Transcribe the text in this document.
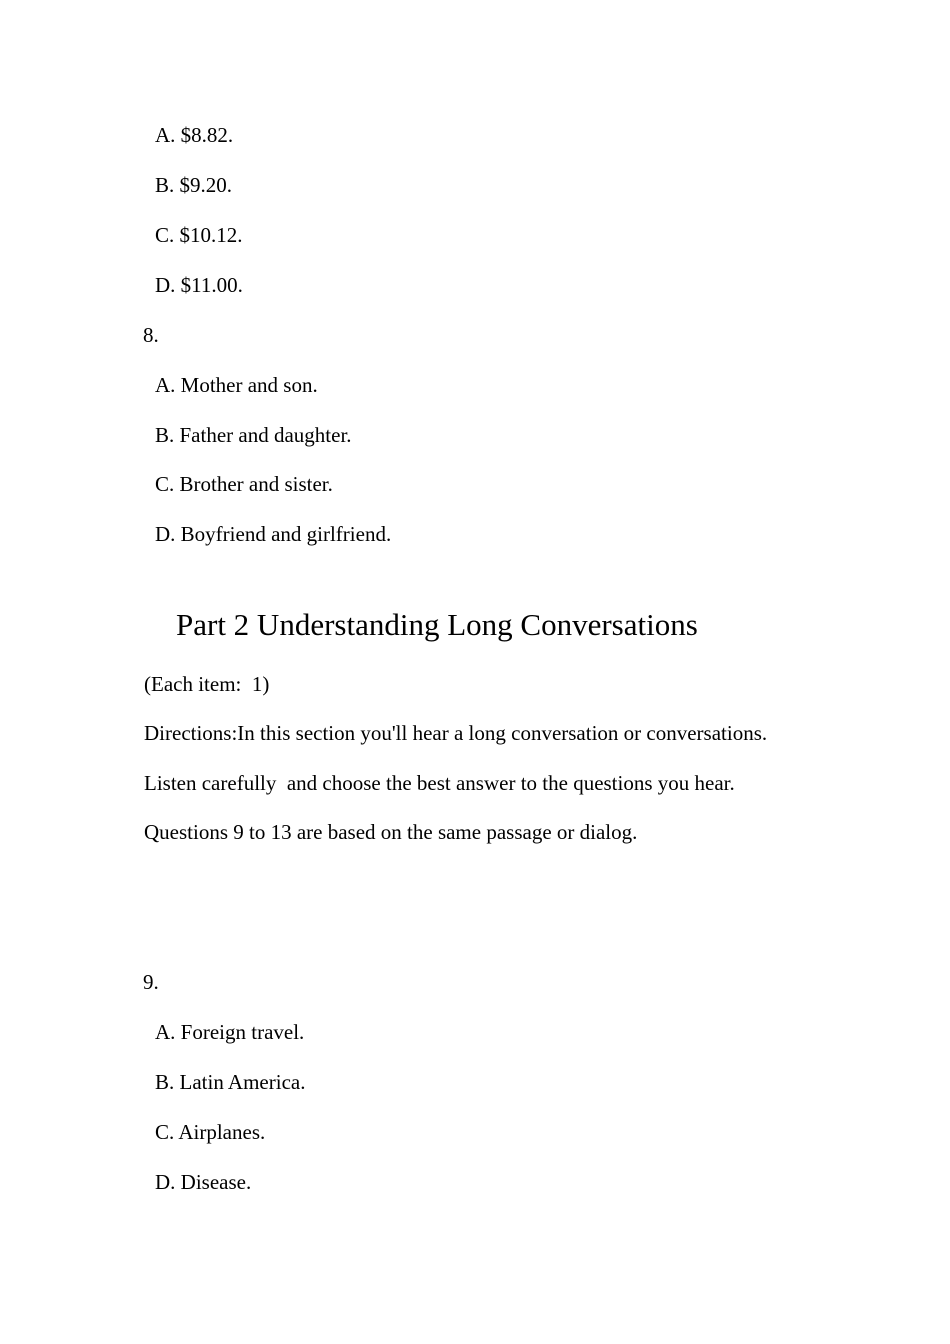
A. $8.82.
B. $9.20.
C. $10.12.
D. $11.00.
8.
A. Mother and son.
B. Father and daughter.
C. Brother and sister.
D. Boyfriend and girlfriend.
Part 2 Understanding Long Conversations
(Each item:  1)
Directions:In this section you'll hear a long conversation or conversations.
Listen carefully  and choose the best answer to the questions you hear.
Questions 9 to 13 are based on the same passage or dialog.
9.
A. Foreign travel.
B. Latin America.
C. Airplanes.
D. Disease.
